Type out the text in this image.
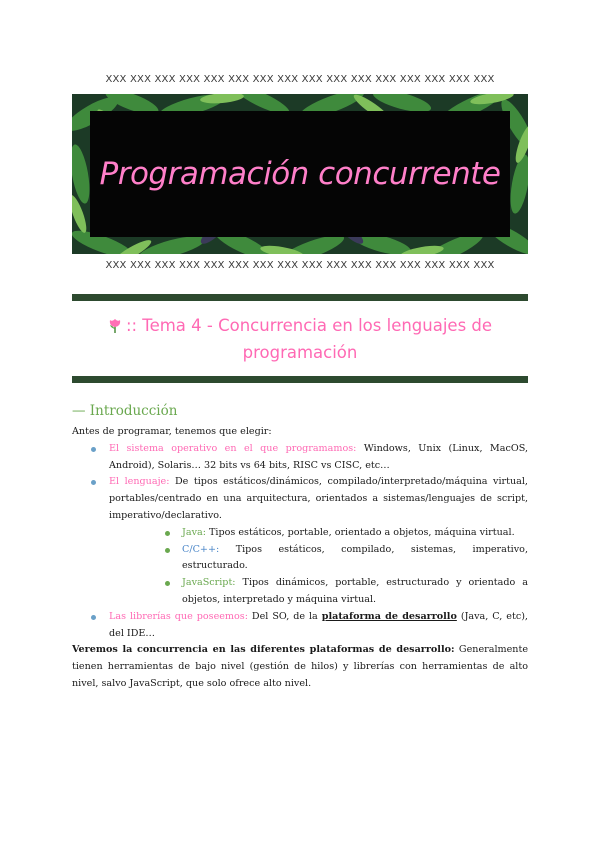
XXX XXX XXX XXX XXX XXX XXX XXX XXX XXX XXX XXX XXX XXX XXX XXX
Programación concurrente
XXX XXX XXX XXX XXX XXX XXX XXX XXX XXX XXX XXX XXX XXX XXX XXX
:: Tema 4 - Concurrencia en los lenguajes de
programación
— Introducción

Antes de programar, tenemos que elegir:

El sistema operativo en el que programamos: Windows, Unix (Linux, MacOS, Android), Solaris… 32 bits vs 64 bits, RISC vs CISC, etc…
El lenguaje: De tipos estáticos/dinámicos, compilado/interpretado/máquina virtual, portables/centrado en una arquitectura, orientados a sistemas/lenguajes de script, imperativo/declarativo.
Java: Tipos estáticos, portable, orientado a objetos, máquina virtual.
C/C++: Tipos estáticos, compilado, sistemas, imperativo, estructurado.
JavaScript: Tipos dinámicos, portable, estructurado y orientado a objetos, interpretado y máquina virtual.
Las librerías que poseemos: Del SO, de la plataforma de desarrollo (Java, C, etc), del IDE…

Veremos la concurrencia en las diferentes plataformas de desarrollo: Generalmente tienen herramientas de bajo nivel (gestión de hilos) y librerías con herramientas de alto nivel, salvo JavaScript, que solo ofrece alto nivel.
